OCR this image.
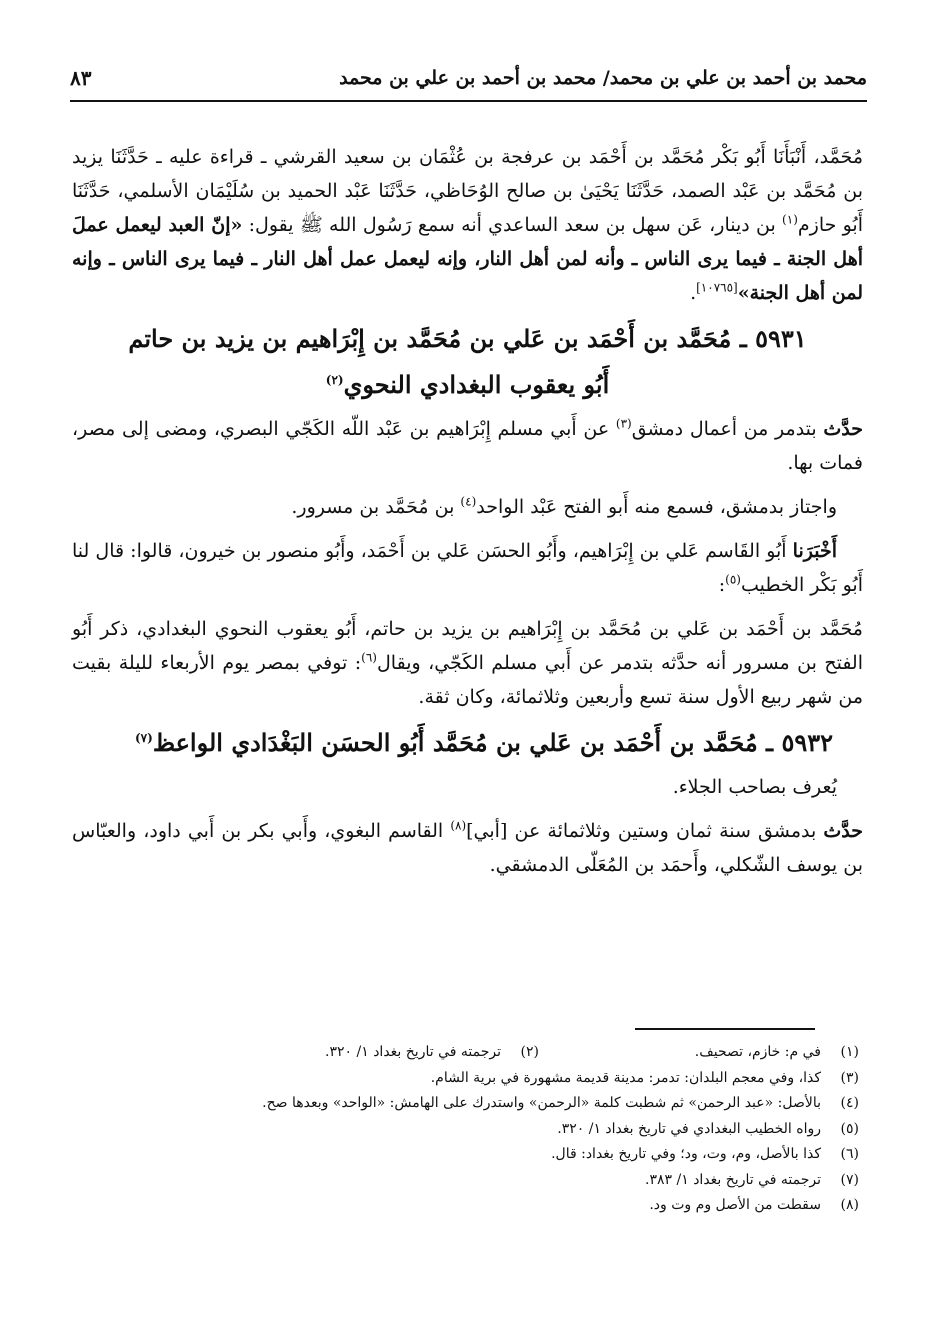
محمد بن أحمد بن علي بن محمد/ محمد بن أحمد بن علي بن محمد
٨٣

مُحَمَّد، أَنْبَأَنَا أَبُو بَكْر مُحَمَّد بن أَحْمَد بن عرفجة بن عُثْمَان بن سعيد القرشي ـ قراءة عليه ـ حَدَّثَنَا يزيد بن مُحَمَّد بن عَبْد الصمد، حَدَّثَنَا يَحْيَىٰ بن صالح الوُحَاظي، حَدَّثَنَا عَبْد الحميد بن سُلَيْمَان الأسلمي، حَدَّثَنَا أَبُو حازم$^{(١)}$ بن دينار، عَن سهل بن سعد الساعدي أنه سمع رَسُول الله ﷺ يقول: «إنّ العبد ليعمل عملَ أهل الجنة ـ فيما يرى الناس ـ وأنه لمن أهل النار، وإنه ليعمل عمل أهل النار ـ فيما يرى الناس ـ وإنه لمن أهل الجنة»[١٠٧٦٥].

٥٩٣١ ـ مُحَمَّد بن أَحْمَد بن عَلي بن مُحَمَّد بن إِبْرَاهيم بن يزيد بن حاتم
أَبُو يعقوب البغدادي النحوي$^{(٢)}$

حدَّث بتدمر من أعمال دمشق$^{(٣)}$ عن أَبي مسلم إِبْرَاهيم بن عَبْد اللّه الكَجّي البصري، ومضى إلى مصر، فمات بها.

واجتاز بدمشق، فسمع منه أَبو الفتح عَبْد الواحد$^{(٤)}$ بن مُحَمَّد بن مسرور.

أَخْبَرَنا أَبُو القَاسم عَلي بن إِبْرَاهيم، وأَبُو الحسَن عَلي بن أَحْمَد، وأَبُو منصور بن خيرون، قالوا: قال لنا أَبُو بَكْر الخطيب$^{(٥)}$:

مُحَمَّد بن أَحْمَد بن عَلي بن مُحَمَّد بن إِبْرَاهيم بن يزيد بن حاتم، أَبُو يعقوب النحوي البغدادي، ذكر أَبُو الفتح بن مسرور أنه حدَّثه بتدمر عن أَبي مسلم الكَجّي، ويقال$^{(٦)}$: توفي بمصر يوم الأربعاء لليلة بقيت من شهر ربيع الأول سنة تسع وأربعين وثلاثمائة، وكان ثقة.

٥٩٣٢ ـ مُحَمَّد بن أَحْمَد بن عَلي بن مُحَمَّد أَبُو الحسَن البَغْدَادي الواعظ$^{(٧)}$

يُعرف بصاحب الجلاء.

حدَّث بدمشق سنة ثمان وستين وثلاثمائة عن [أبي]$^{(٨)}$ القاسم البغوي، وأَبي بكر بن أَبي داود، والعبّاس بن يوسف الشّكلي، وأَحمَد بن المُعَلّى الدمشقي.

(١)
في م: خازم، تصحيف.
(٢)
ترجمته في تاريخ بغداد ١/ ٣٢٠.
(٣)
كذا، وفي معجم البلدان: تدمر: مدينة قديمة مشهورة في برية الشام.
(٤)
بالأصل: «عبد الرحمن» ثم شطبت كلمة «الرحمن» واستدرك على الهامش: «الواحد» وبعدها صح.
(٥)
رواه الخطيب البغدادي في تاريخ بغداد ١/ ٣٢٠.
(٦)
كذا بالأصل، وم، وت، ود؛ وفي تاريخ بغداد: قال.
(٧)
ترجمته في تاريخ بغداد ١/ ٣٨٣.
(٨)
سقطت من الأصل وم وت ود.
